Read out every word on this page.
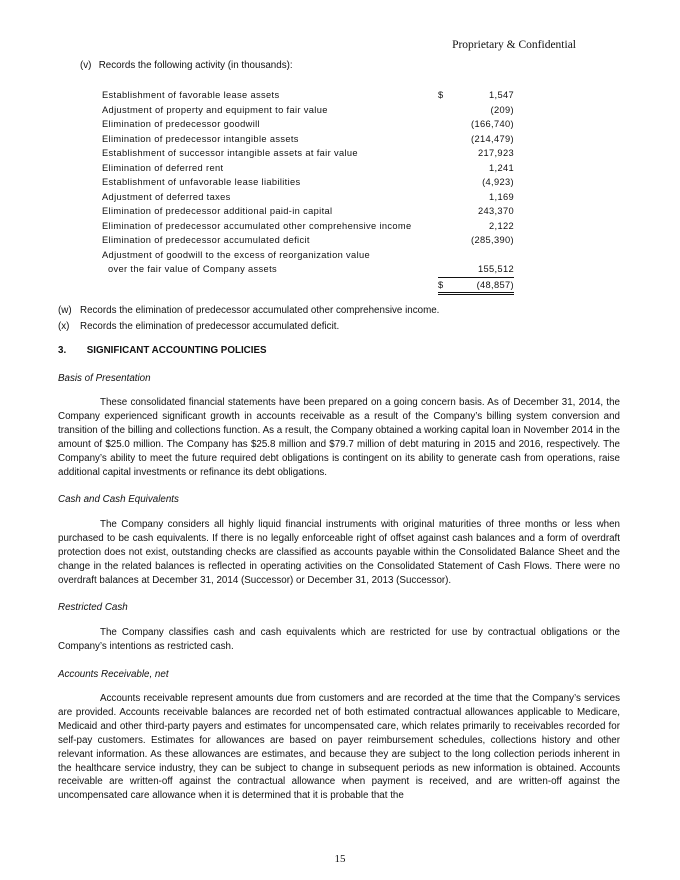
Proprietary & Confidential
(v) Records the following activity (in thousands):
Establishment of favorable lease assets	$	1,547
Adjustment of property and equipment to fair value		(209)
Elimination of predecessor goodwill		(166,740)
Elimination of predecessor intangible assets		(214,479)
Establishment of successor intangible assets at fair value		217,923
Elimination of deferred rent		1,241
Establishment of unfavorable lease liabilities		(4,923)
Adjustment of deferred taxes		1,169
Elimination of predecessor additional paid-in capital		243,370
Elimination of predecessor accumulated other comprehensive income		2,122
Elimination of predecessor accumulated deficit		(285,390)
Adjustment of goodwill to the excess of reorganization value		
over the fair value of Company assets		155,512
	$	(48,857)
(w) Records the elimination of predecessor accumulated other comprehensive income.
(x) Records the elimination of predecessor accumulated deficit.
3. SIGNIFICANT ACCOUNTING POLICIES
Basis of Presentation

These consolidated financial statements have been prepared on a going concern basis. As of December 31, 2014, the Company experienced significant growth in accounts receivable as a result of the Company’s billing system conversion and transition of the billing and collections function. As a result, the Company obtained a working capital loan in November 2014 in the amount of $25.0 million. The Company has $25.8 million and $79.7 million of debt maturing in 2015 and 2016, respectively. The Company’s ability to meet the future required debt obligations is contingent on its ability to generate cash from operations, raise additional capital investments or refinance its debt obligations.

Cash and Cash Equivalents

The Company considers all highly liquid financial instruments with original maturities of three months or less when purchased to be cash equivalents. If there is no legally enforceable right of offset against cash balances and a form of overdraft protection does not exist, outstanding checks are classified as accounts payable within the Consolidated Balance Sheet and the change in the related balances is reflected in operating activities on the Consolidated Statement of Cash Flows. There were no overdraft balances at December 31, 2014 (Successor) or December 31, 2013 (Successor).

Restricted Cash

The Company classifies cash and cash equivalents which are restricted for use by contractual obligations or the Company’s intentions as restricted cash.

Accounts Receivable, net

Accounts receivable represent amounts due from customers and are recorded at the time that the Company’s services are provided. Accounts receivable balances are recorded net of both estimated contractual allowances applicable to Medicare, Medicaid and other third-party payers and estimates for uncompensated care, which relates primarily to receivables recorded for self-pay customers. Estimates for allowances are based on payer reimbursement schedules, collections history and other relevant information. As these allowances are estimates, and because they are subject to the long collection periods inherent in the healthcare service industry, they can be subject to change in subsequent periods as new information is obtained. Accounts receivable are written-off against the contractual allowance when payment is received, and are written-off against the uncompensated care allowance when it is determined that it is probable that the

15
